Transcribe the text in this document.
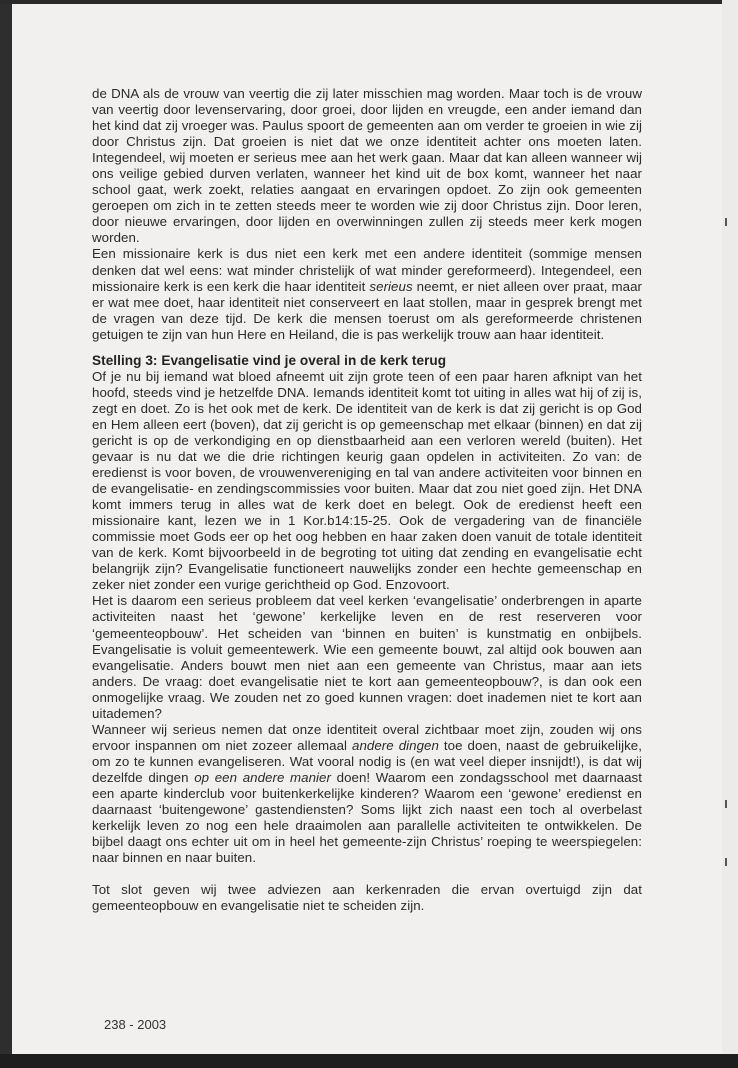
de DNA als de vrouw van veertig die zij later misschien mag worden. Maar toch is de vrouw van veertig door levenservaring, door groei, door lijden en vreugde, een ander iemand dan het kind dat zij vroeger was. Paulus spoort de gemeenten aan om verder te groeien in wie zij door Christus zijn. Dat groeien is niet dat we onze identiteit achter ons moeten laten. Integendeel, wij moeten er serieus mee aan het werk gaan. Maar dat kan alleen wanneer wij ons veilige gebied durven verlaten, wanneer het kind uit de box komt, wanneer het naar school gaat, werk zoekt, relaties aangaat en ervaringen opdoet. Zo zijn ook gemeenten geroepen om zich in te zetten steeds meer te worden wie zij door Christus zijn. Door leren, door nieuwe ervaringen, door lijden en overwinningen zullen zij steeds meer kerk mogen worden.

Een missionaire kerk is dus niet een kerk met een andere identiteit (sommige mensen denken dat wel eens: wat minder christelijk of wat minder gereformeerd). Integendeel, een missionaire kerk is een kerk die haar identiteit serieus neemt, er niet alleen over praat, maar er wat mee doet, haar identiteit niet conserveert en laat stollen, maar in gesprek brengt met de vragen van deze tijd. De kerk die mensen toerust om als gereformeerde christenen getuigen te zijn van hun Here en Heiland, die is pas werkelijk trouw aan haar identiteit.

Stelling 3: Evangelisatie vind je overal in de kerk terug

Of je nu bij iemand wat bloed afneemt uit zijn grote teen of een paar haren afknipt van het hoofd, steeds vind je hetzelfde DNA. Iemands identiteit komt tot uiting in alles wat hij of zij is, zegt en doet. Zo is het ook met de kerk. De identiteit van de kerk is dat zij gericht is op God en Hem alleen eert (boven), dat zij gericht is op gemeenschap met elkaar (binnen) en dat zij gericht is op de verkondiging en op dienstbaarheid aan een verloren wereld (buiten). Het gevaar is nu dat we die drie richtingen keurig gaan opdelen in activiteiten. Zo van: de eredienst is voor boven, de vrouwenvereniging en tal van andere activiteiten voor binnen en de evangelisatie- en zendingscommissies voor buiten. Maar dat zou niet goed zijn. Het DNA komt immers terug in alles wat de kerk doet en belegt. Ook de eredienst heeft een missionaire kant, lezen we in 1 Kor.b14:15-25. Ook de vergadering van de financiële commissie moet Gods eer op het oog hebben en haar zaken doen vanuit de totale identiteit van de kerk. Komt bijvoorbeeld in de begroting tot uiting dat zending en evangelisatie echt belangrijk zijn? Evangelisatie functioneert nauwelijks zonder een hechte gemeenschap en zeker niet zonder een vurige gerichtheid op God. Enzovoort.

Het is daarom een serieus probleem dat veel kerken ‘evangelisatie’ onderbrengen in aparte activiteiten naast het ‘gewone’ kerkelijke leven en de rest reserveren voor ‘gemeenteopbouw’. Het scheiden van ‘binnen en buiten’ is kunstmatig en onbijbels. Evangelisatie is voluit gemeentewerk. Wie een gemeente bouwt, zal altijd ook bouwen aan evangelisatie. Anders bouwt men niet aan een gemeente van Christus, maar aan iets anders. De vraag: doet evangelisatie niet te kort aan gemeenteopbouw?, is dan ook een onmogelijke vraag. We zouden net zo goed kunnen vragen: doet inademen niet te kort aan uitademen?

Wanneer wij serieus nemen dat onze identiteit overal zichtbaar moet zijn, zouden wij ons ervoor inspannen om niet zozeer allemaal andere dingen toe doen, naast de gebruikelijke, om zo te kunnen evangeliseren. Wat vooral nodig is (en wat veel dieper insnijdt!), is dat wij dezelfde dingen op een andere manier doen! Waarom een zondagsschool met daarnaast een aparte kinderclub voor buitenkerkelijke kinderen? Waarom een ‘gewone’ eredienst en daarnaast ‘buitengewone’ gastendiensten? Soms lijkt zich naast een toch al overbelast kerkelijk leven zo nog een hele draaimolen aan parallelle activiteiten te ontwikkelen. De bijbel daagt ons echter uit om in heel het gemeente-zijn Christus’ roeping te weerspiegelen: naar binnen en naar buiten.

Tot slot geven wij twee adviezen aan kerkenraden die ervan overtuigd zijn dat gemeenteopbouw en evangelisatie niet te scheiden zijn.

238 - 2003
